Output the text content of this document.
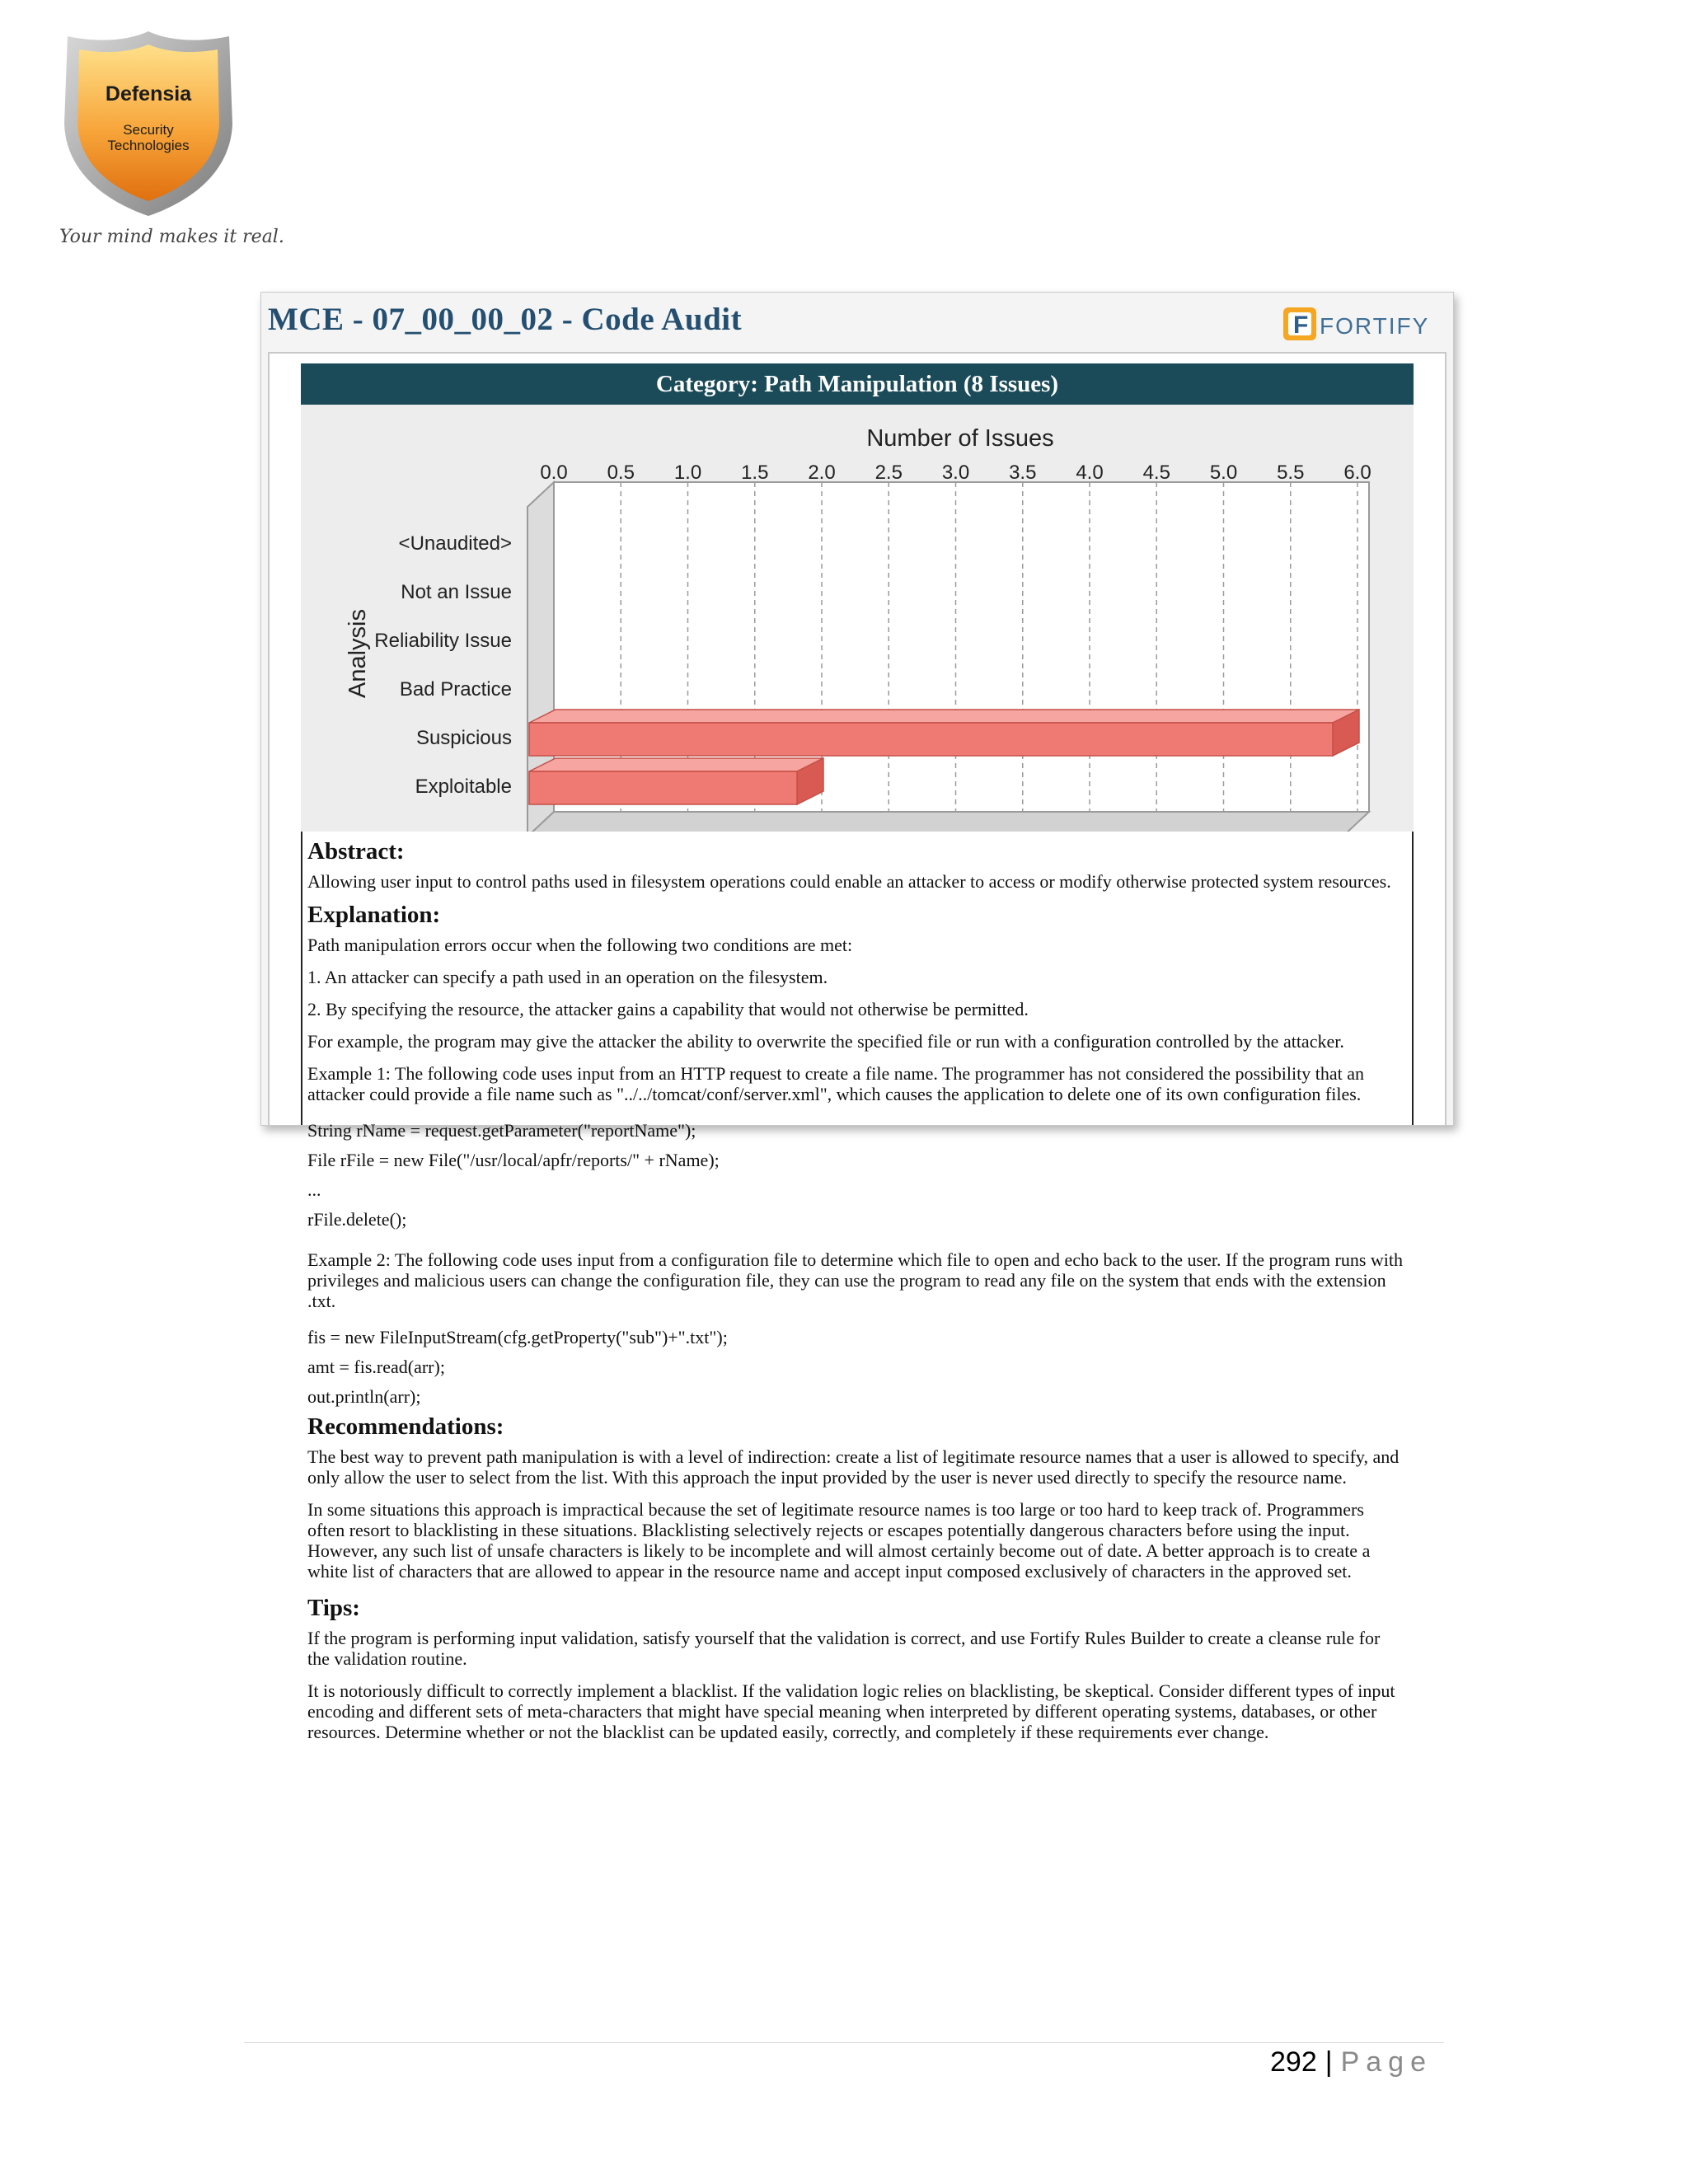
Defensia
Security
Technologies
Your mind makes it real.
MCE - 07_00_00_02 - Code Audit	F FORTIFY
Category: Path Manipulation (8 Issues)
Number of Issues
0.0 0.5 1.0 1.5 2.0 2.5 3.0 3.5 4.0 4.5 5.0 5.5 6.0
Analysis
<Unaudited>
Not an Issue
Reliability Issue
Bad Practice
Suspicious
Exploitable
Abstract:
Allowing user input to control paths used in filesystem operations could enable an attacker to access or modify otherwise protected system resources.
Explanation:
Path manipulation errors occur when the following two conditions are met:
1. An attacker can specify a path used in an operation on the filesystem.
2. By specifying the resource, the attacker gains a capability that would not otherwise be permitted.
For example, the program may give the attacker the ability to overwrite the specified file or run with a configuration controlled by the attacker.
Example 1: The following code uses input from an HTTP request to create a file name. The programmer has not considered the possibility that an attacker could provide a file name such as "../../tomcat/conf/server.xml", which causes the application to delete one of its own configuration files.
String rName = request.getParameter("reportName");
File rFile = new File("/usr/local/apfr/reports/" + rName);
...
rFile.delete();
Example 2: The following code uses input from a configuration file to determine which file to open and echo back to the user. If the program runs with privileges and malicious users can change the configuration file, they can use the program to read any file on the system that ends with the extension .txt.
fis = new FileInputStream(cfg.getProperty("sub")+".txt");
amt = fis.read(arr);
out.println(arr);
Recommendations:
The best way to prevent path manipulation is with a level of indirection: create a list of legitimate resource names that a user is allowed to specify, and only allow the user to select from the list. With this approach the input provided by the user is never used directly to specify the resource name.
In some situations this approach is impractical because the set of legitimate resource names is too large or too hard to keep track of. Programmers often resort to blacklisting in these situations. Blacklisting selectively rejects or escapes potentially dangerous characters before using the input. However, any such list of unsafe characters is likely to be incomplete and will almost certainly become out of date. A better approach is to create a white list of characters that are allowed to appear in the resource name and accept input composed exclusively of characters in the approved set.
Tips:
If the program is performing input validation, satisfy yourself that the validation is correct, and use Fortify Rules Builder to create a cleanse rule for the validation routine.
It is notoriously difficult to correctly implement a blacklist. If the validation logic relies on blacklisting, be skeptical. Consider different types of input encoding and different sets of meta-characters that might have special meaning when interpreted by different operating systems, databases, or other resources. Determine whether or not the blacklist can be updated easily, correctly, and completely if these requirements ever change.
292 | Page
